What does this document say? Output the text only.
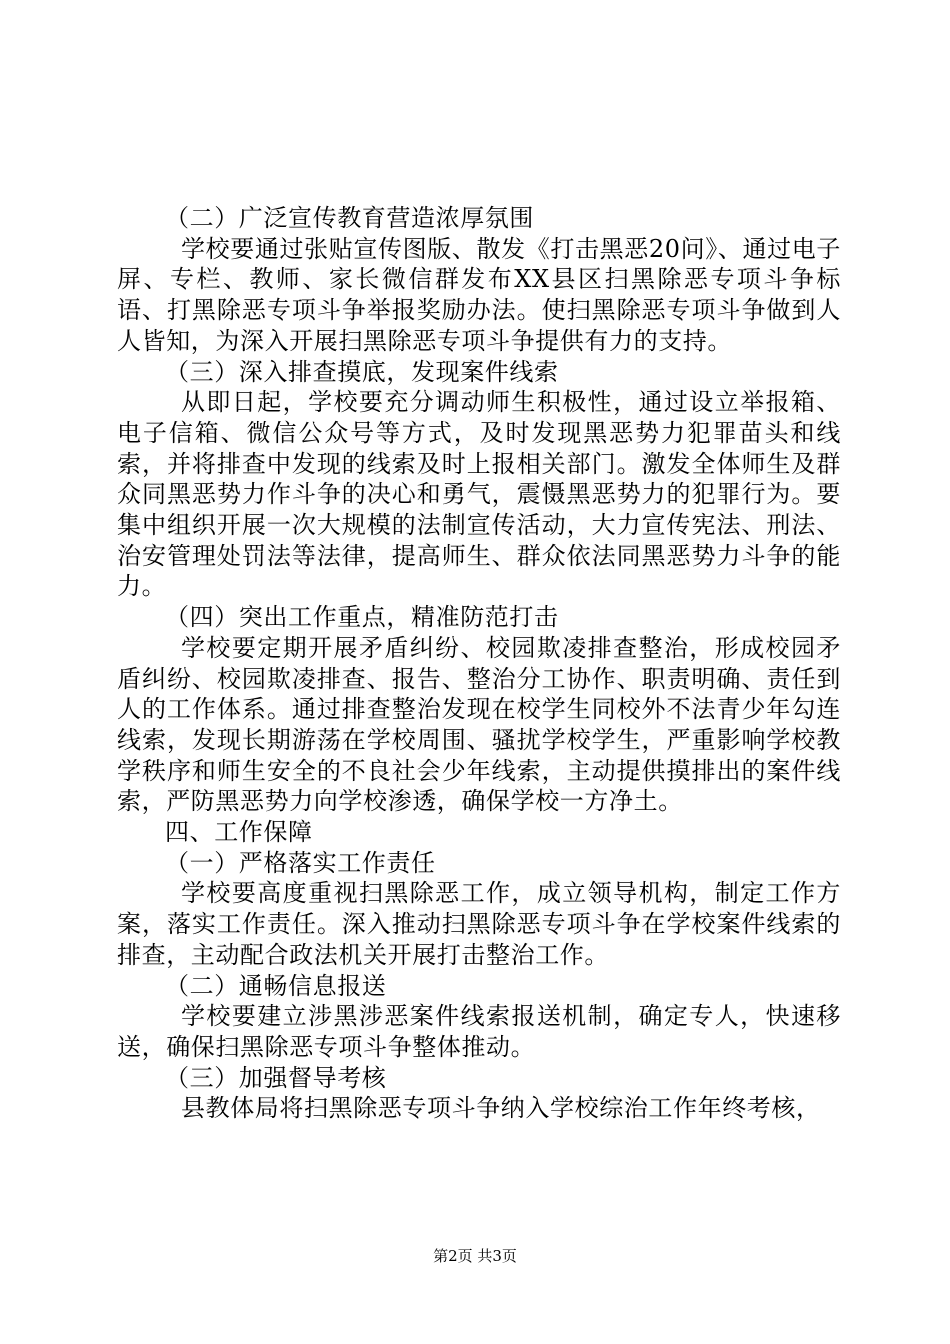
（二）广泛宣传教育营造浓厚氛围

学校要通过张贴宣传图版、散发《打击黑恶20问》、通过电子屏、专栏、教师、家长微信群发布XX县区扫黑除恶专项斗争标语、打黑除恶专项斗争举报奖励办法。使扫黑除恶专项斗争做到人人皆知，为深入开展扫黑除恶专项斗争提供有力的支持。

（三）深入排查摸底，发现案件线索

从即日起，学校要充分调动师生积极性，通过设立举报箱、电子信箱、微信公众号等方式，及时发现黑恶势力犯罪苗头和线索，并将排查中发现的线索及时上报相关部门。激发全体师生及群众同黑恶势力作斗争的决心和勇气，震慑黑恶势力的犯罪行为。要集中组织开展一次大规模的法制宣传活动，大力宣传宪法、刑法、治安管理处罚法等法律，提高师生、群众依法同黑恶势力斗争的能力。

（四）突出工作重点，精准防范打击

学校要定期开展矛盾纠纷、校园欺凌排查整治，形成校园矛盾纠纷、校园欺凌排查、报告、整治分工协作、职责明确、责任到人的工作体系。通过排查整治发现在校学生同校外不法青少年勾连线索，发现长期游荡在学校周围、骚扰学校学生，严重影响学校教学秩序和师生安全的不良社会少年线索，主动提供摸排出的案件线索，严防黑恶势力向学校渗透，确保学校一方净土。

四、工作保障

（一）严格落实工作责任

学校要高度重视扫黑除恶工作，成立领导机构，制定工作方案，落实工作责任。深入推动扫黑除恶专项斗争在学校案件线索的排查，主动配合政法机关开展打击整治工作。

（二）通畅信息报送

学校要建立涉黑涉恶案件线索报送机制，确定专人，快速移送，确保扫黑除恶专项斗争整体推动。

（三）加强督导考核

县教体局将扫黑除恶专项斗争纳入学校综治工作年终考核，

第2页 共3页
